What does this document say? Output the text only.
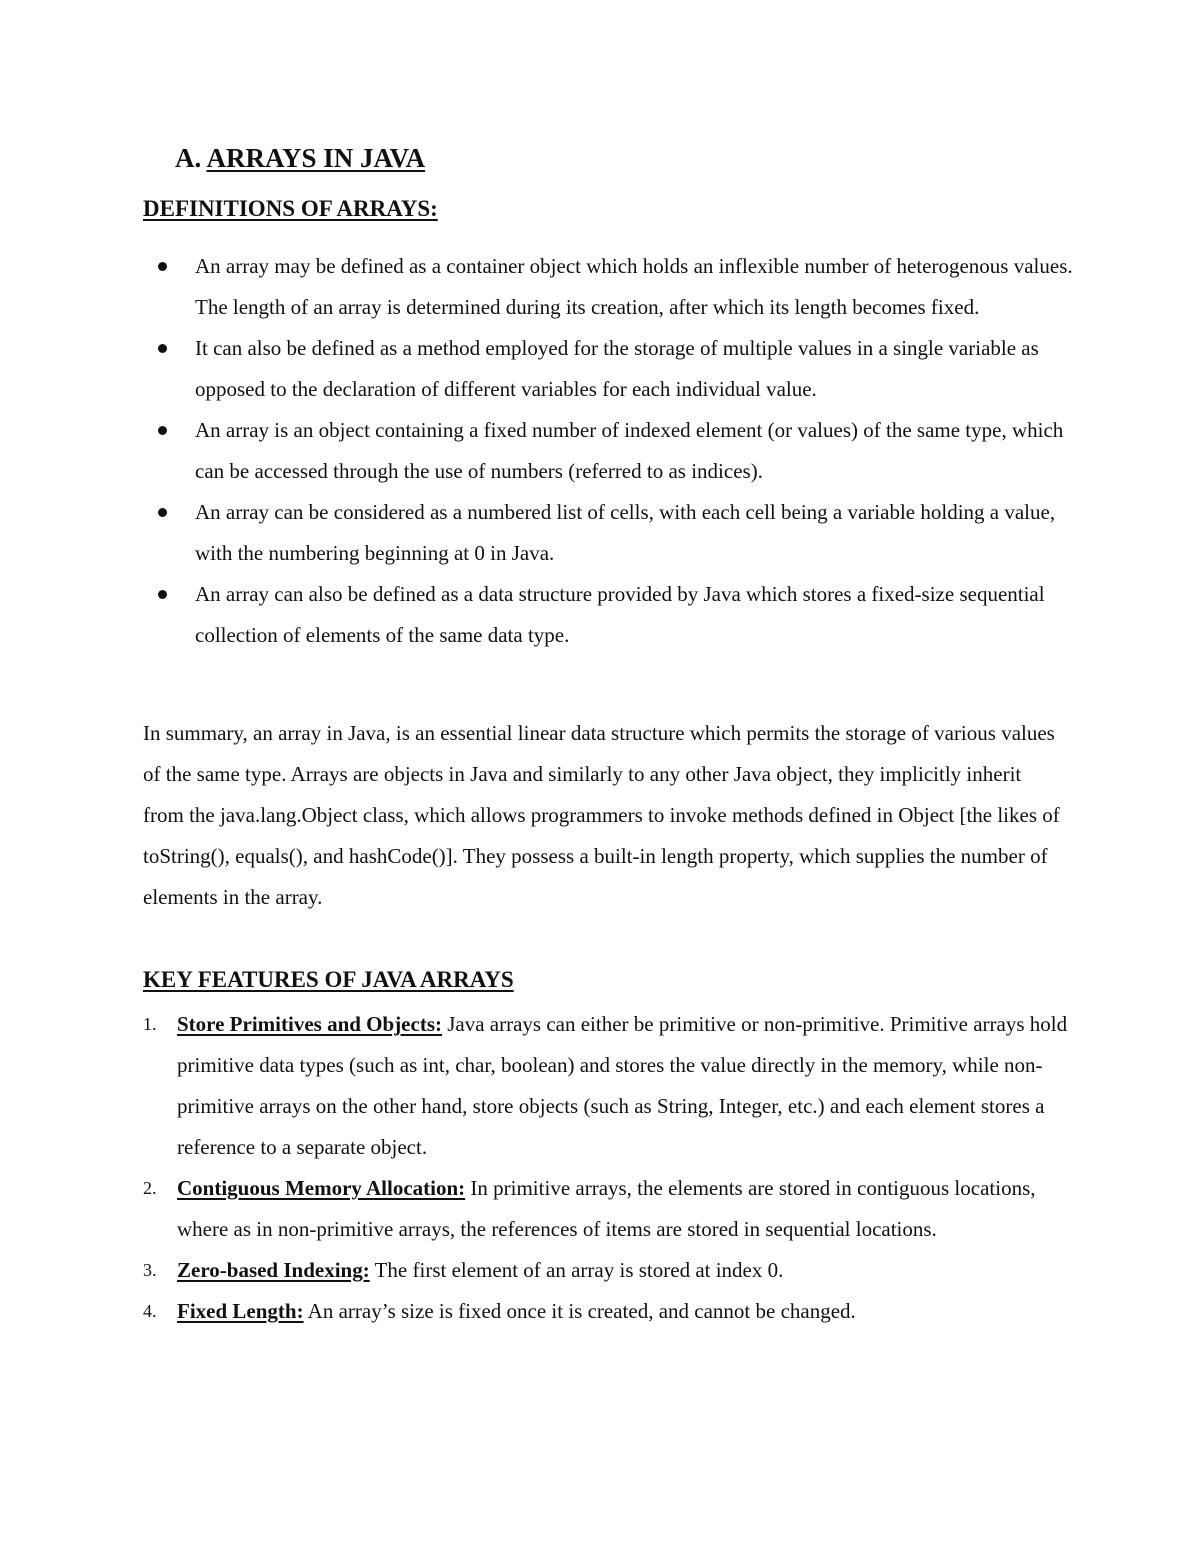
A. ARRAYS IN JAVA
DEFINITIONS OF ARRAYS:
An array may be defined as a container object which holds an inflexible number of heterogenous values. The length of an array is determined during its creation, after which its length becomes fixed.
It can also be defined as a method employed for the storage of multiple values in a single variable as opposed to the declaration of different variables for each individual value.
An array is an object containing a fixed number of indexed element (or values) of the same type, which can be accessed through the use of numbers (referred to as indices).
An array can be considered as a numbered list of cells, with each cell being a variable holding a value, with the numbering beginning at 0 in Java.
An array can also be defined as a data structure provided by Java which stores a fixed-size sequential collection of elements of the same data type.

In summary, an array in Java, is an essential linear data structure which permits the storage of various values of the same type. Arrays are objects in Java and similarly to any other Java object, they implicitly inherit from the java.lang.Object class, which allows programmers to invoke methods defined in Object [the likes of toString(), equals(), and hashCode()]. They possess a built-in length property, which supplies the number of elements in the array.

KEY FEATURES OF JAVA ARRAYS
1. Store Primitives and Objects: Java arrays can either be primitive or non-primitive. Primitive arrays hold primitive data types (such as int, char, boolean) and stores the value directly in the memory, while non-primitive arrays on the other hand, store objects (such as String, Integer, etc.) and each element stores a reference to a separate object.
2. Contiguous Memory Allocation: In primitive arrays, the elements are stored in contiguous locations, where as in non-primitive arrays, the references of items are stored in sequential locations.
3. Zero-based Indexing: The first element of an array is stored at index 0.
4. Fixed Length: An array’s size is fixed once it is created, and cannot be changed.
